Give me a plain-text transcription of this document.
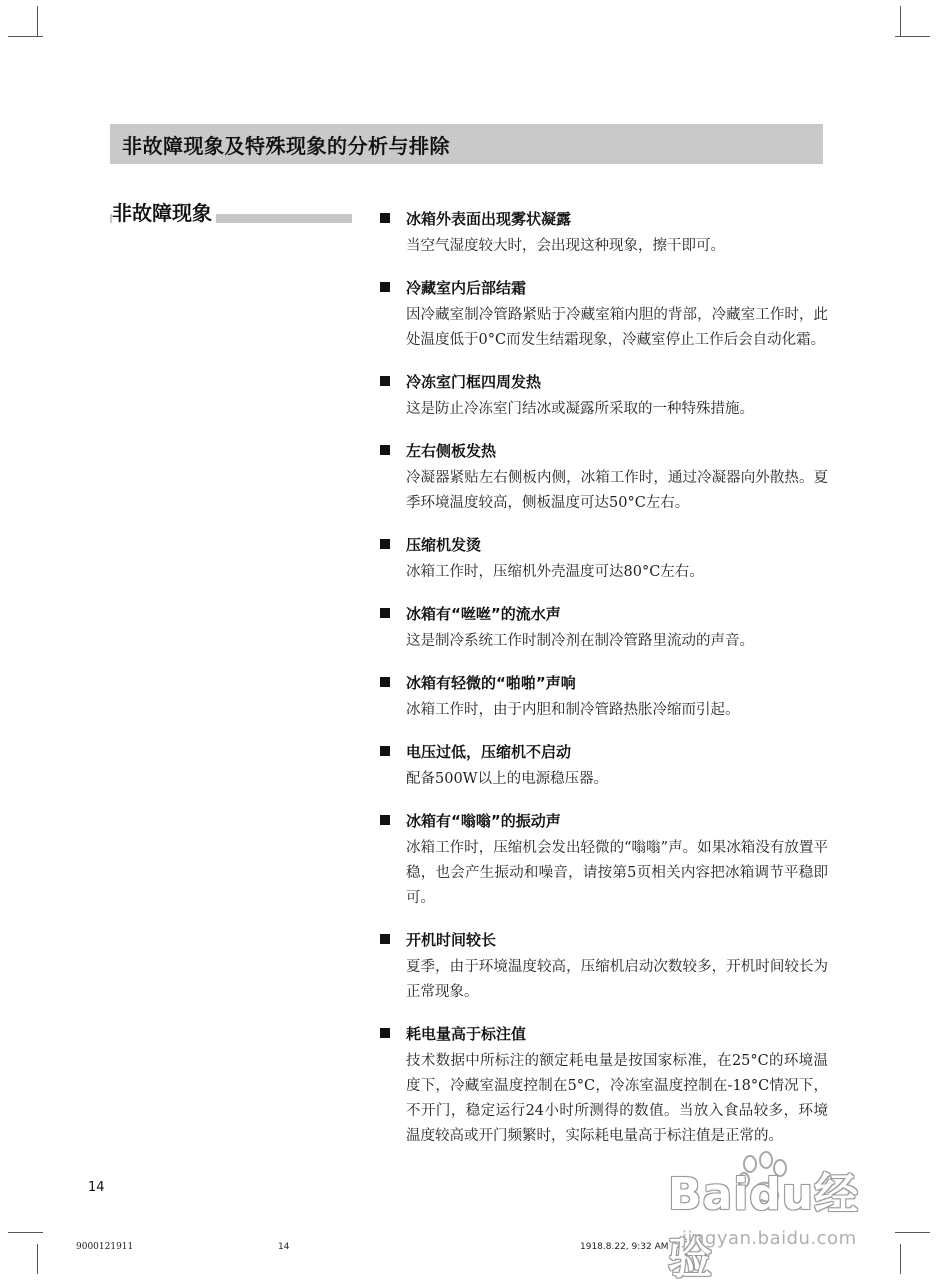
非故障现象及特殊现象的分析与排除
非故障现象	冰箱外表面出现雾状凝露
当空气湿度较大时，会出现这种现象，擦干即可。
冷藏室内后部结霜
因冷藏室制冷管路紧贴于冷藏室箱内胆的背部，冷藏室工作时，此处温度低于0°C而发生结霜现象，冷藏室停止工作后会自动化霜。
冷冻室门框四周发热
这是防止冷冻室门结冰或凝露所采取的一种特殊措施。
左右侧板发热
冷凝器紧贴左右侧板内侧，冰箱工作时，通过冷凝器向外散热。夏季环境温度较高，侧板温度可达50°C左右。
压缩机发烫
冰箱工作时，压缩机外壳温度可达80°C左右。
冰箱有“咝咝”的流水声
这是制冷系统工作时制冷剂在制冷管路里流动的声音。
冰箱有轻微的“啪啪”声响
冰箱工作时，由于内胆和制冷管路热胀冷缩而引起。
电压过低，压缩机不启动
配备500W以上的电源稳压器。
冰箱有“嗡嗡”的振动声
冰箱工作时，压缩机会发出轻微的“嗡嗡”声。如果冰箱没有放置平稳，也会产生振动和噪音，请按第5页相关内容把冰箱调节平稳即可。
开机时间较长
夏季，由于环境温度较高，压缩机启动次数较多，开机时间较长为正常现象。
耗电量高于标注值
技术数据中所标注的额定耗电量是按国家标准，在25°C的环境温度下，冷藏室温度控制在5°C，冷冻室温度控制在-18°C情况下，不开门，稳定运行24小时所测得的数值。当放入食品较多，环境温度较高或开门频繁时，实际耗电量高于标注值是正常的。
14
9000121911	14	1918.8.22, 9:32 AM
Baidu经验
jingyan.baidu.com
